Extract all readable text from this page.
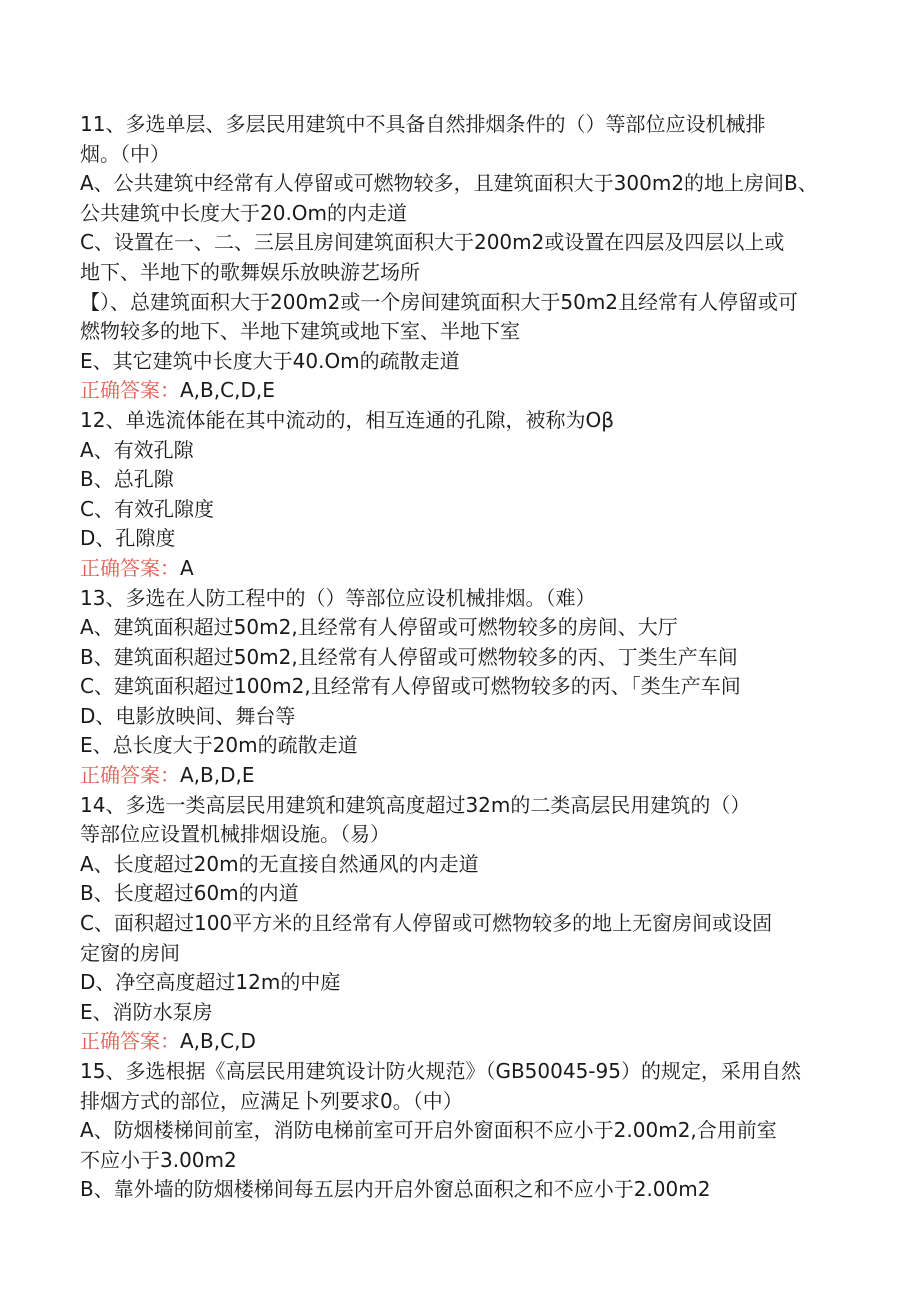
11、多选单层、多层民用建筑中不具备自然排烟条件的（）等部位应设机械排
烟。（中）
A、公共建筑中经常有人停留或可燃物较多，且建筑面积大于300m2的地上房间B、
公共建筑中长度大于20.Om的内走道
C、设置在一、二、三层且房间建筑面积大于200m2或设置在四层及四层以上或
地下、半地下的歌舞娱乐放映游艺场所
【）、总建筑面积大于200m2或一个房间建筑面积大于50m2且经常有人停留或可
燃物较多的地下、半地下建筑或地下室、半地下室
E、其它建筑中长度大于40.Om的疏散走道
正确答案：A,B,C,D,E
12、单选流体能在其中流动的，相互连通的孔隙，被称为Oβ
A、有效孔隙
B、总孔隙
C、有效孔隙度
D、孔隙度
正确答案：A
13、多选在人防工程中的（）等部位应设机械排烟。（难）
A、建筑面积超过50m2,且经常有人停留或可燃物较多的房间、大厅
B、建筑面积超过50m2,且经常有人停留或可燃物较多的丙、丁类生产车间
C、建筑面积超过100m2,且经常有人停留或可燃物较多的丙、「类生产车间
D、电影放映间、舞台等
E、总长度大于20m的疏散走道
正确答案：A,B,D,E
14、多选一类高层民用建筑和建筑高度超过32m的二类高层民用建筑的（）
等部位应设置机械排烟设施。（易）
A、长度超过20m的无直接自然通风的内走道
B、长度超过60m的内道
C、面积超过100平方米的且经常有人停留或可燃物较多的地上无窗房间或设固
定窗的房间
D、净空高度超过12m的中庭
E、消防水泵房
正确答案：A,B,C,D
15、多选根据《高层民用建筑设计防火规范》（GB50045-95）的规定，采用自然
排烟方式的部位，应满足卜列要求0。（中）
A、防烟楼梯间前室，消防电梯前室可开启外窗面积不应小于2.00m2,合用前室
不应小于3.00m2
B、靠外墙的防烟楼梯间每五层内开启外窗总面积之和不应小于2.00m2
